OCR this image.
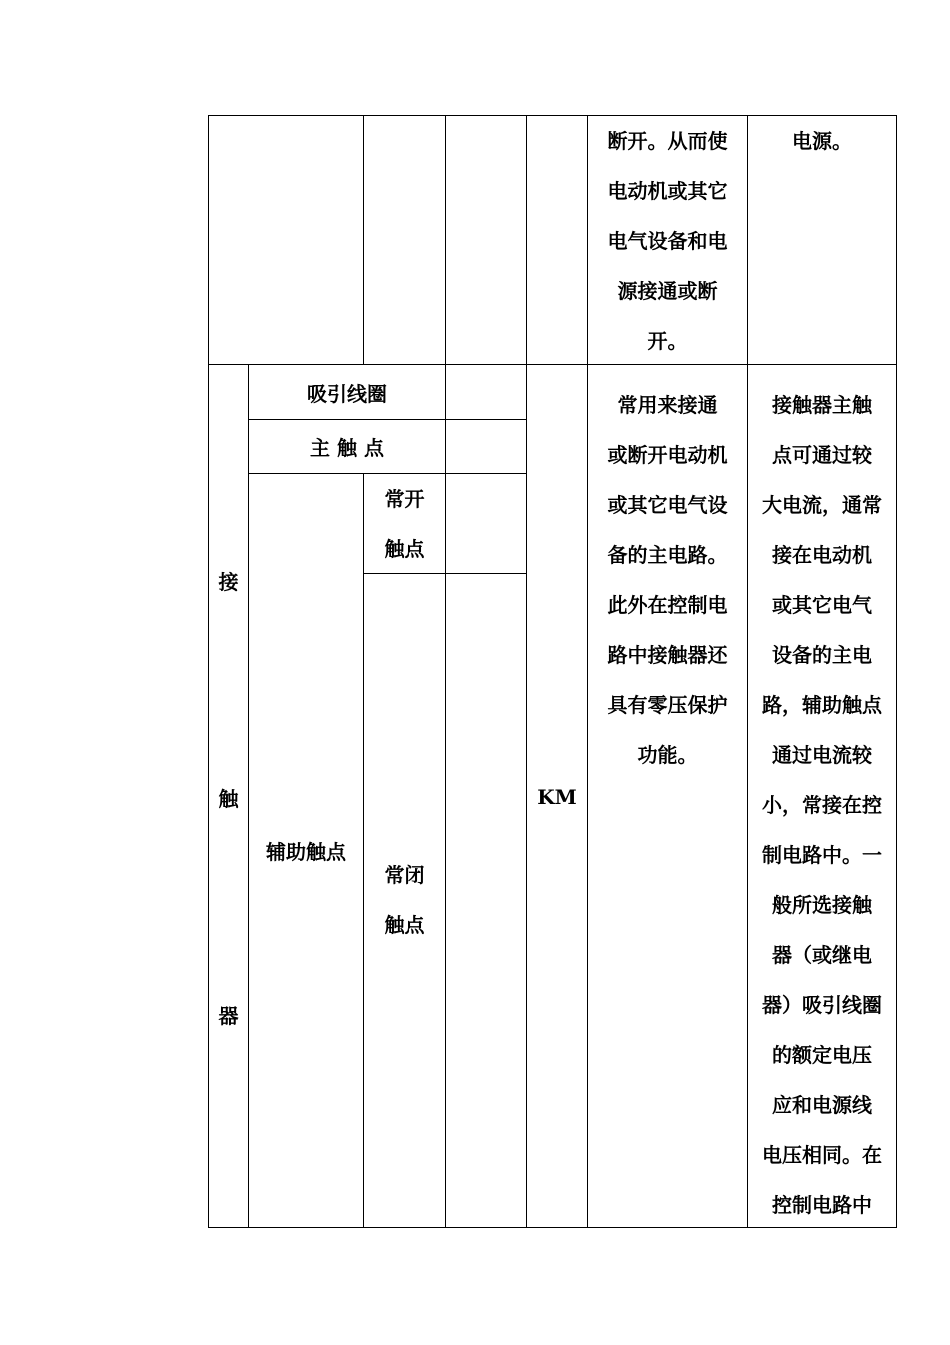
断开。从而使
电动机或其它
电气设备和电
源接通或断
开。
电源。
接
触
器
吸引线圈
主 触 点
辅助触点
常开
触点
常闭
触点
KM
常用来接通
或断开电动机
或其它电气设
备的主电路。
此外在控制电
路中接触器还
具有零压保护
功能。
接触器主触
点可通过较
大电流，通常
接在电动机
或其它电气
设备的主电
路，辅助触点
通过电流较
小，常接在控
制电路中。一
般所选接触
器（或继电
器）吸引线圈
的额定电压
应和电源线
电压相同。在
控制电路中
